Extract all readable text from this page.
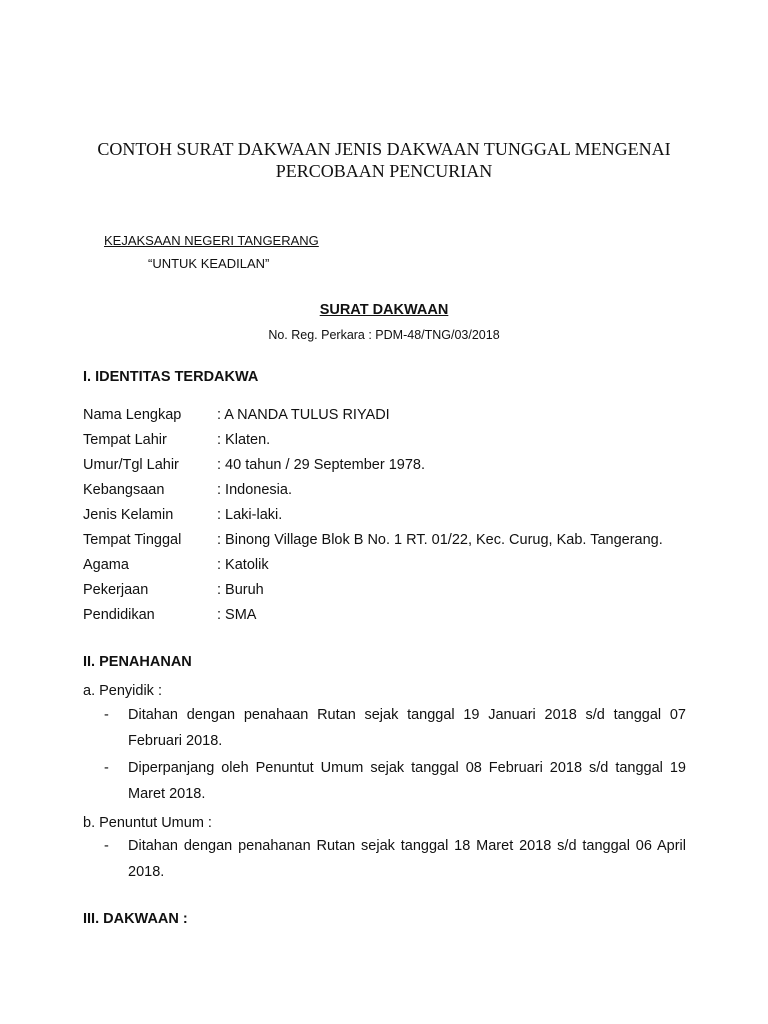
CONTOH SURAT DAKWAAN JENIS DAKWAAN TUNGGAL MENGENAI
PERCOBAAN PENCURIAN
KEJAKSAAN NEGERI TANGERANG
“UNTUK KEADILAN”
SURAT DAKWAAN
No. Reg. Perkara : PDM-48/TNG/03/2018
I. IDENTITAS TERDAKWA
Nama Lengkap	: A NANDA TULUS RIYADI
Tempat Lahir	: Klaten.
Umur/Tgl Lahir	: 40 tahun / 29 September 1978.
Kebangsaan	: Indonesia.
Jenis Kelamin	: Laki-laki.
Tempat Tinggal	: Binong Village Blok B No. 1 RT. 01/22, Kec. Curug, Kab. Tangerang.
Agama	: Katolik
Pekerjaan	: Buruh
Pendidikan	: SMA
II. PENAHANAN
a. Penyidik :
- Ditahan dengan penahaan Rutan sejak tanggal 19 Januari 2018 s/d tanggal 07 Februari 2018.
- Diperpanjang oleh Penuntut Umum sejak tanggal 08 Februari 2018 s/d tanggal 19 Maret 2018.
b. Penuntut Umum :
- Ditahan dengan penahanan Rutan sejak tanggal 18 Maret 2018 s/d tanggal 06 April 2018.
III. DAKWAAN :
